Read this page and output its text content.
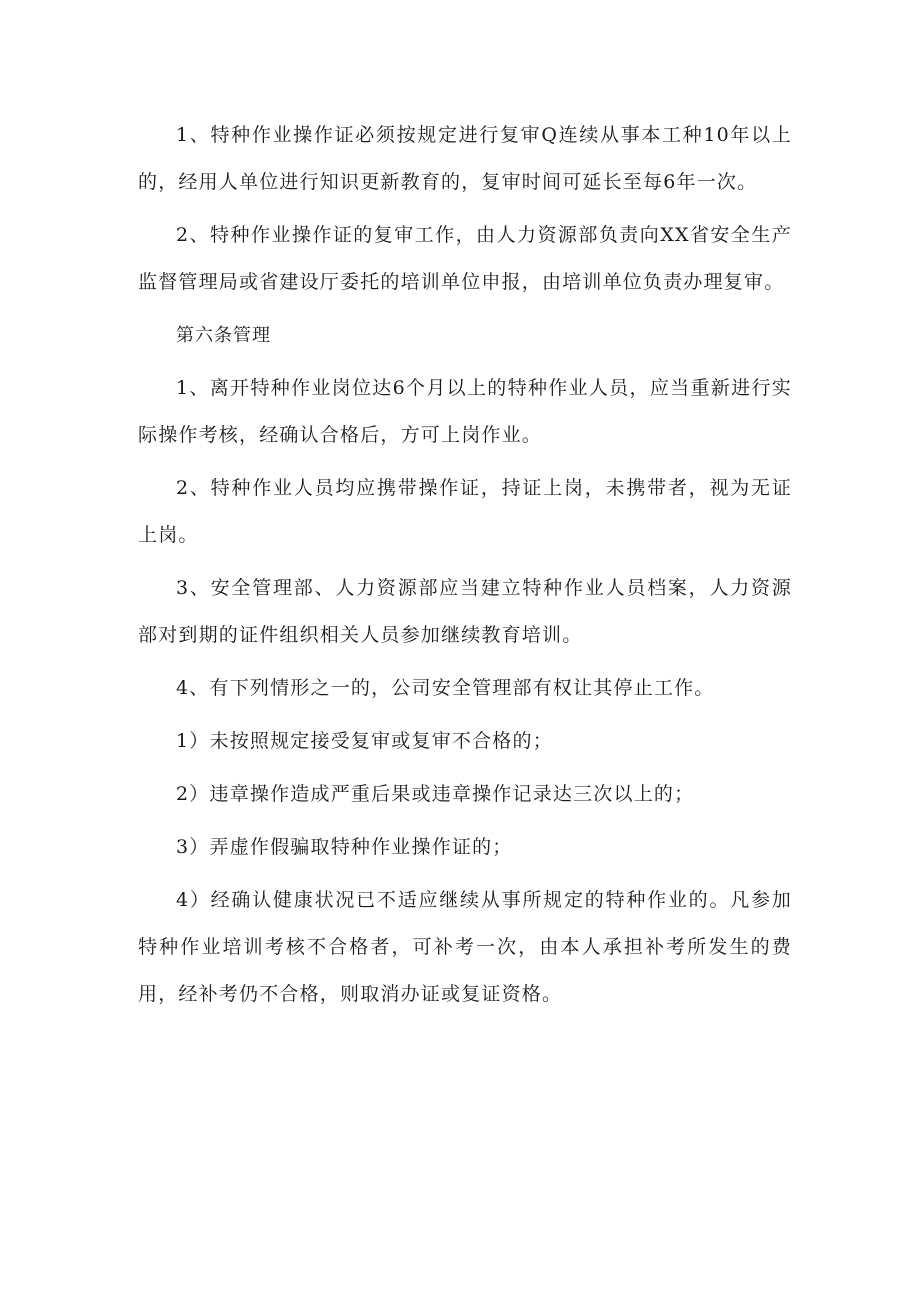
1、特种作业操作证必须按规定进行复审Q连续从事本工种10年以上的，经用人单位进行知识更新教育的，复审时间可延长至每6年一次。

2、特种作业操作证的复审工作，由人力资源部负责向XX省安全生产监督管理局或省建设厅委托的培训单位申报，由培训单位负责办理复审。

第六条管理

1、离开特种作业岗位达6个月以上的特种作业人员，应当重新进行实际操作考核，经确认合格后，方可上岗作业。

2、特种作业人员均应携带操作证，持证上岗，未携带者，视为无证上岗。

3、安全管理部、人力资源部应当建立特种作业人员档案，人力资源部对到期的证件组织相关人员参加继续教育培训。

4、有下列情形之一的，公司安全管理部有权让其停止工作。

1）未按照规定接受复审或复审不合格的；

2）违章操作造成严重后果或违章操作记录达三次以上的；

3）弄虚作假骗取特种作业操作证的；

4）经确认健康状况已不适应继续从事所规定的特种作业的。凡参加特种作业培训考核不合格者，可补考一次，由本人承担补考所发生的费用，经补考仍不合格，则取消办证或复证资格。
